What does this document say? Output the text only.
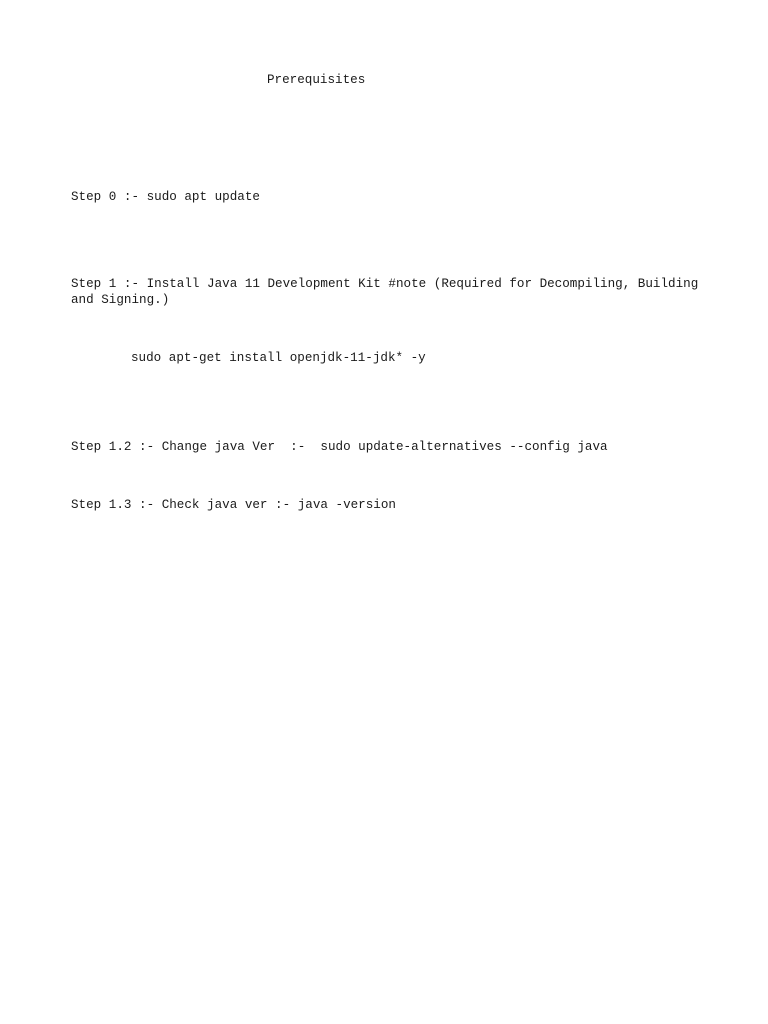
Prerequisites

Step 0 :- sudo apt update

Step 1 :- Install Java 11 Development Kit #note (Required for Decompiling, Building and Signing.)

sudo apt-get install openjdk-11-jdk* -y

Step 1.2 :- Change java Ver  :-  sudo update-alternatives --config java

Step 1.3 :- Check java ver :- java -version
